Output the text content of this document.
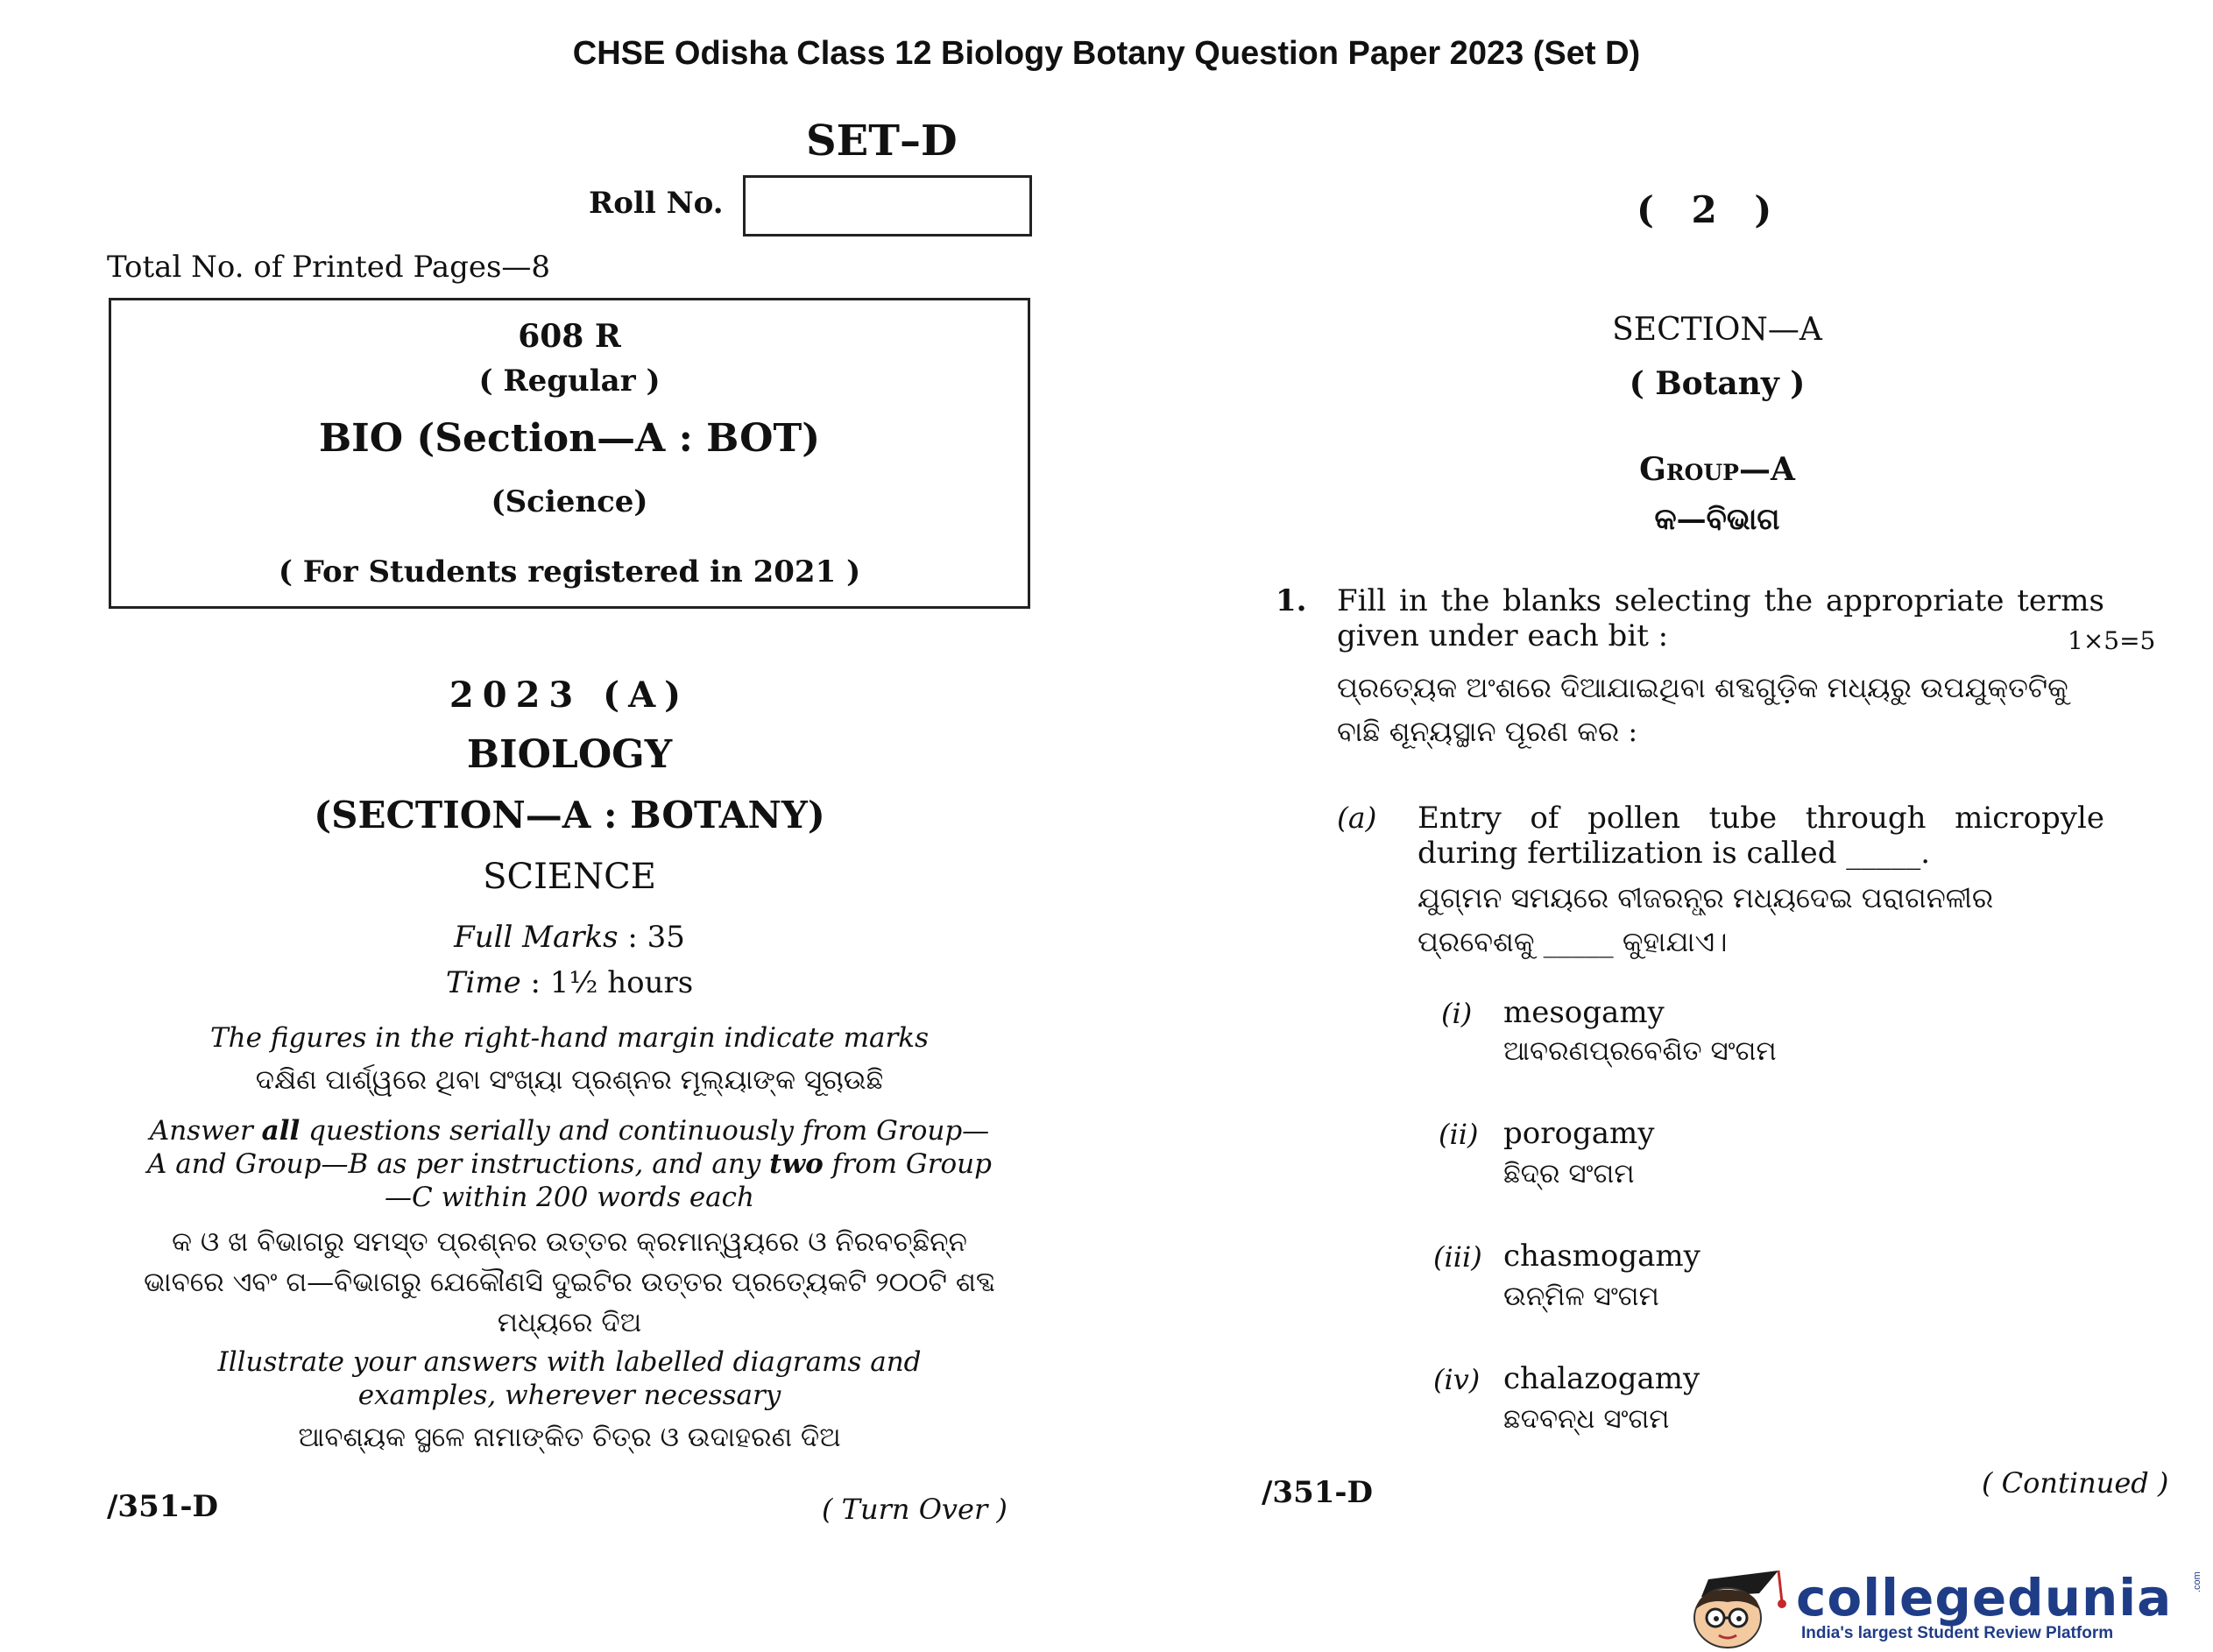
CHSE Odisha Class 12 Biology Botany Question Paper 2023 (Set D)
SET–D
Roll No.
Total No. of Printed Pages—8
608 R
( Regular )
BIO (Section—A : BOT)
(Science)
( For Students registered in 2021 )
2023 (A)
BIOLOGY
(SECTION—A : BOTANY)
SCIENCE
Full Marks : 35
Time : 1½ hours
The figures in the right-hand margin indicate marks
ଦକ୍ଷିଣ ପାର୍ଶ୍ୱରେ ଥିବା ସଂଖ୍ୟା ପ୍ରଶ୍ନର ମୂଲ୍ୟାଙ୍କ ସୂଚାଉଛି
Answer all questions serially and continuously from Group—A and Group—B as per instructions, and any two from Group—C within 200 words each
କ ଓ ଖ ବିଭାଗରୁ ସମସ୍ତ ପ୍ରଶ୍ନର ଉତ୍ତର କ୍ରମାନ୍ୱୟରେ ଓ ନିରବଚ୍ଛିନ୍ନ ଭାବରେ ଏବଂ ଗ—ବିଭାଗରୁ ଯେକୌଣସି ଦୁଇଟିର ଉତ୍ତର ପ୍ରତ୍ୟେକଟି ୨୦୦ଟି ଶବ୍ଦ ମଧ୍ୟରେ ଦିଅ
Illustrate your answers with labelled diagrams and examples, wherever necessary
ଆବଶ୍ୟକ ସ୍ଥଳେ ନାମାଙ୍କିତ ଚିତ୍ର ଓ ଉଦାହରଣ ଦିଅ
/351-D	( Turn Over )
( 2 )
SECTION—A
( Botany )
Group—A
କ—ବିଭାଗ
1. Fill in the blanks selecting the appropriate terms given under each bit :	1×5=5
ପ୍ରତ୍ୟେକ ଅଂଶରେ ଦିଆଯାଇଥିବା ଶବ୍ଦଗୁଡ଼ିକ ମଧ୍ୟରୁ ଉପଯୁକ୍ତଟିକୁ ବାଛି ଶୂନ୍ୟସ୍ଥାନ ପୂରଣ କର :
(a) Entry of pollen tube through micropyle during fertilization is called _____.
ଯୁଗ୍ମନ ସମୟରେ ବୀଜରନ୍ଧ୍ର ମଧ୍ୟଦେଇ ପରାଗନଳୀର ପ୍ରବେଶକୁ _____ କୁହାଯାଏ।
(i) mesogamy
ଆବରଣପ୍ରବେଶିତ ସଂଗମ
(ii) porogamy
ଛିଦ୍ର ସଂଗମ
(iii) chasmogamy
ଉନ୍ମିଳ ସଂଗମ
(iv) chalazogamy
ଛଦବନ୍ଧ ସଂଗମ
/351-D	( Continued )
collegedunia
India's largest Student Review Platform
.com
